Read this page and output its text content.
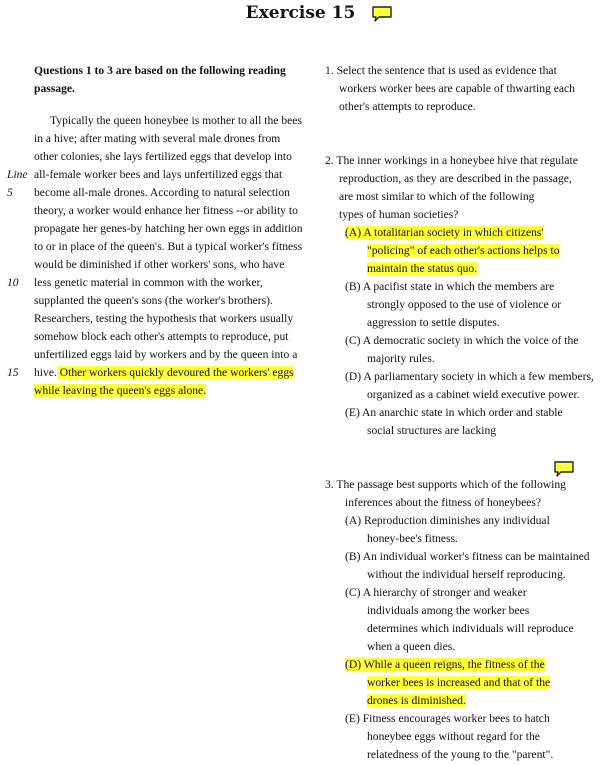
Exercise 15
Questions 1 to 3 are based on the following reading
passage.
Typically the queen honeybee is mother to all the bees
in a hive; after mating with several male drones from
other colonies, she lays fertilized eggs that develop into
Line all-female worker bees and lays unfertilized eggs that
5 become all-male drones. According to natural selection
theory, a worker would enhance her fitness --or ability to
propagate her genes-by hatching her own eggs in addition
to or in place of the queen's. But a typical worker's fitness
would be diminished if other workers' sons, who have
10 less genetic material in common with the worker,
supplanted the queen's sons (the worker's brothers).
Researchers, testing the hypothesis that workers usually
somehow block each other's attempts to reproduce, put
unfertilized eggs laid by workers and by the queen into a
15 hive. Other workers quickly devoured the workers' eggs
while leaving the queen's eggs alone.
1. Select the sentence that is used as evidence that
workers worker bees are capable of thwarting each
other's attempts to reproduce.
2. The inner workings in a honeybee hive that regulate
reproduction, as they are described in the passage,
are most similar to which of the following
types of human societies?
(A) A totalitarian society in which citizens'
"policing" of each other's actions helps to
maintain the status quo.
(B) A pacifist state in which the members are
strongly opposed to the use of violence or
aggression to settle disputes.
(C) A democratic society in which the voice of the
majority rules.
(D) A parliamentary society in which a few members,
organized as a cabinet wield executive power.
(E) An anarchic state in which order and stable
social structures are lacking
3. The passage best supports which of the following
inferences about the fitness of honeybees?
(A) Reproduction diminishes any individual
honey-bee's fitness.
(B) An individual worker's fitness can be maintained
without the individual herself reproducing.
(C) A hierarchy of stronger and weaker
individuals among the worker bees
determines which individuals will reproduce
when a queen dies.
(D) While a queen reigns, the fitness of the
worker bees is increased and that of the
drones is diminished.
(E) Fitness encourages worker bees to hatch
honeybee eggs without regard for the
relatedness of the young to the "parent".
